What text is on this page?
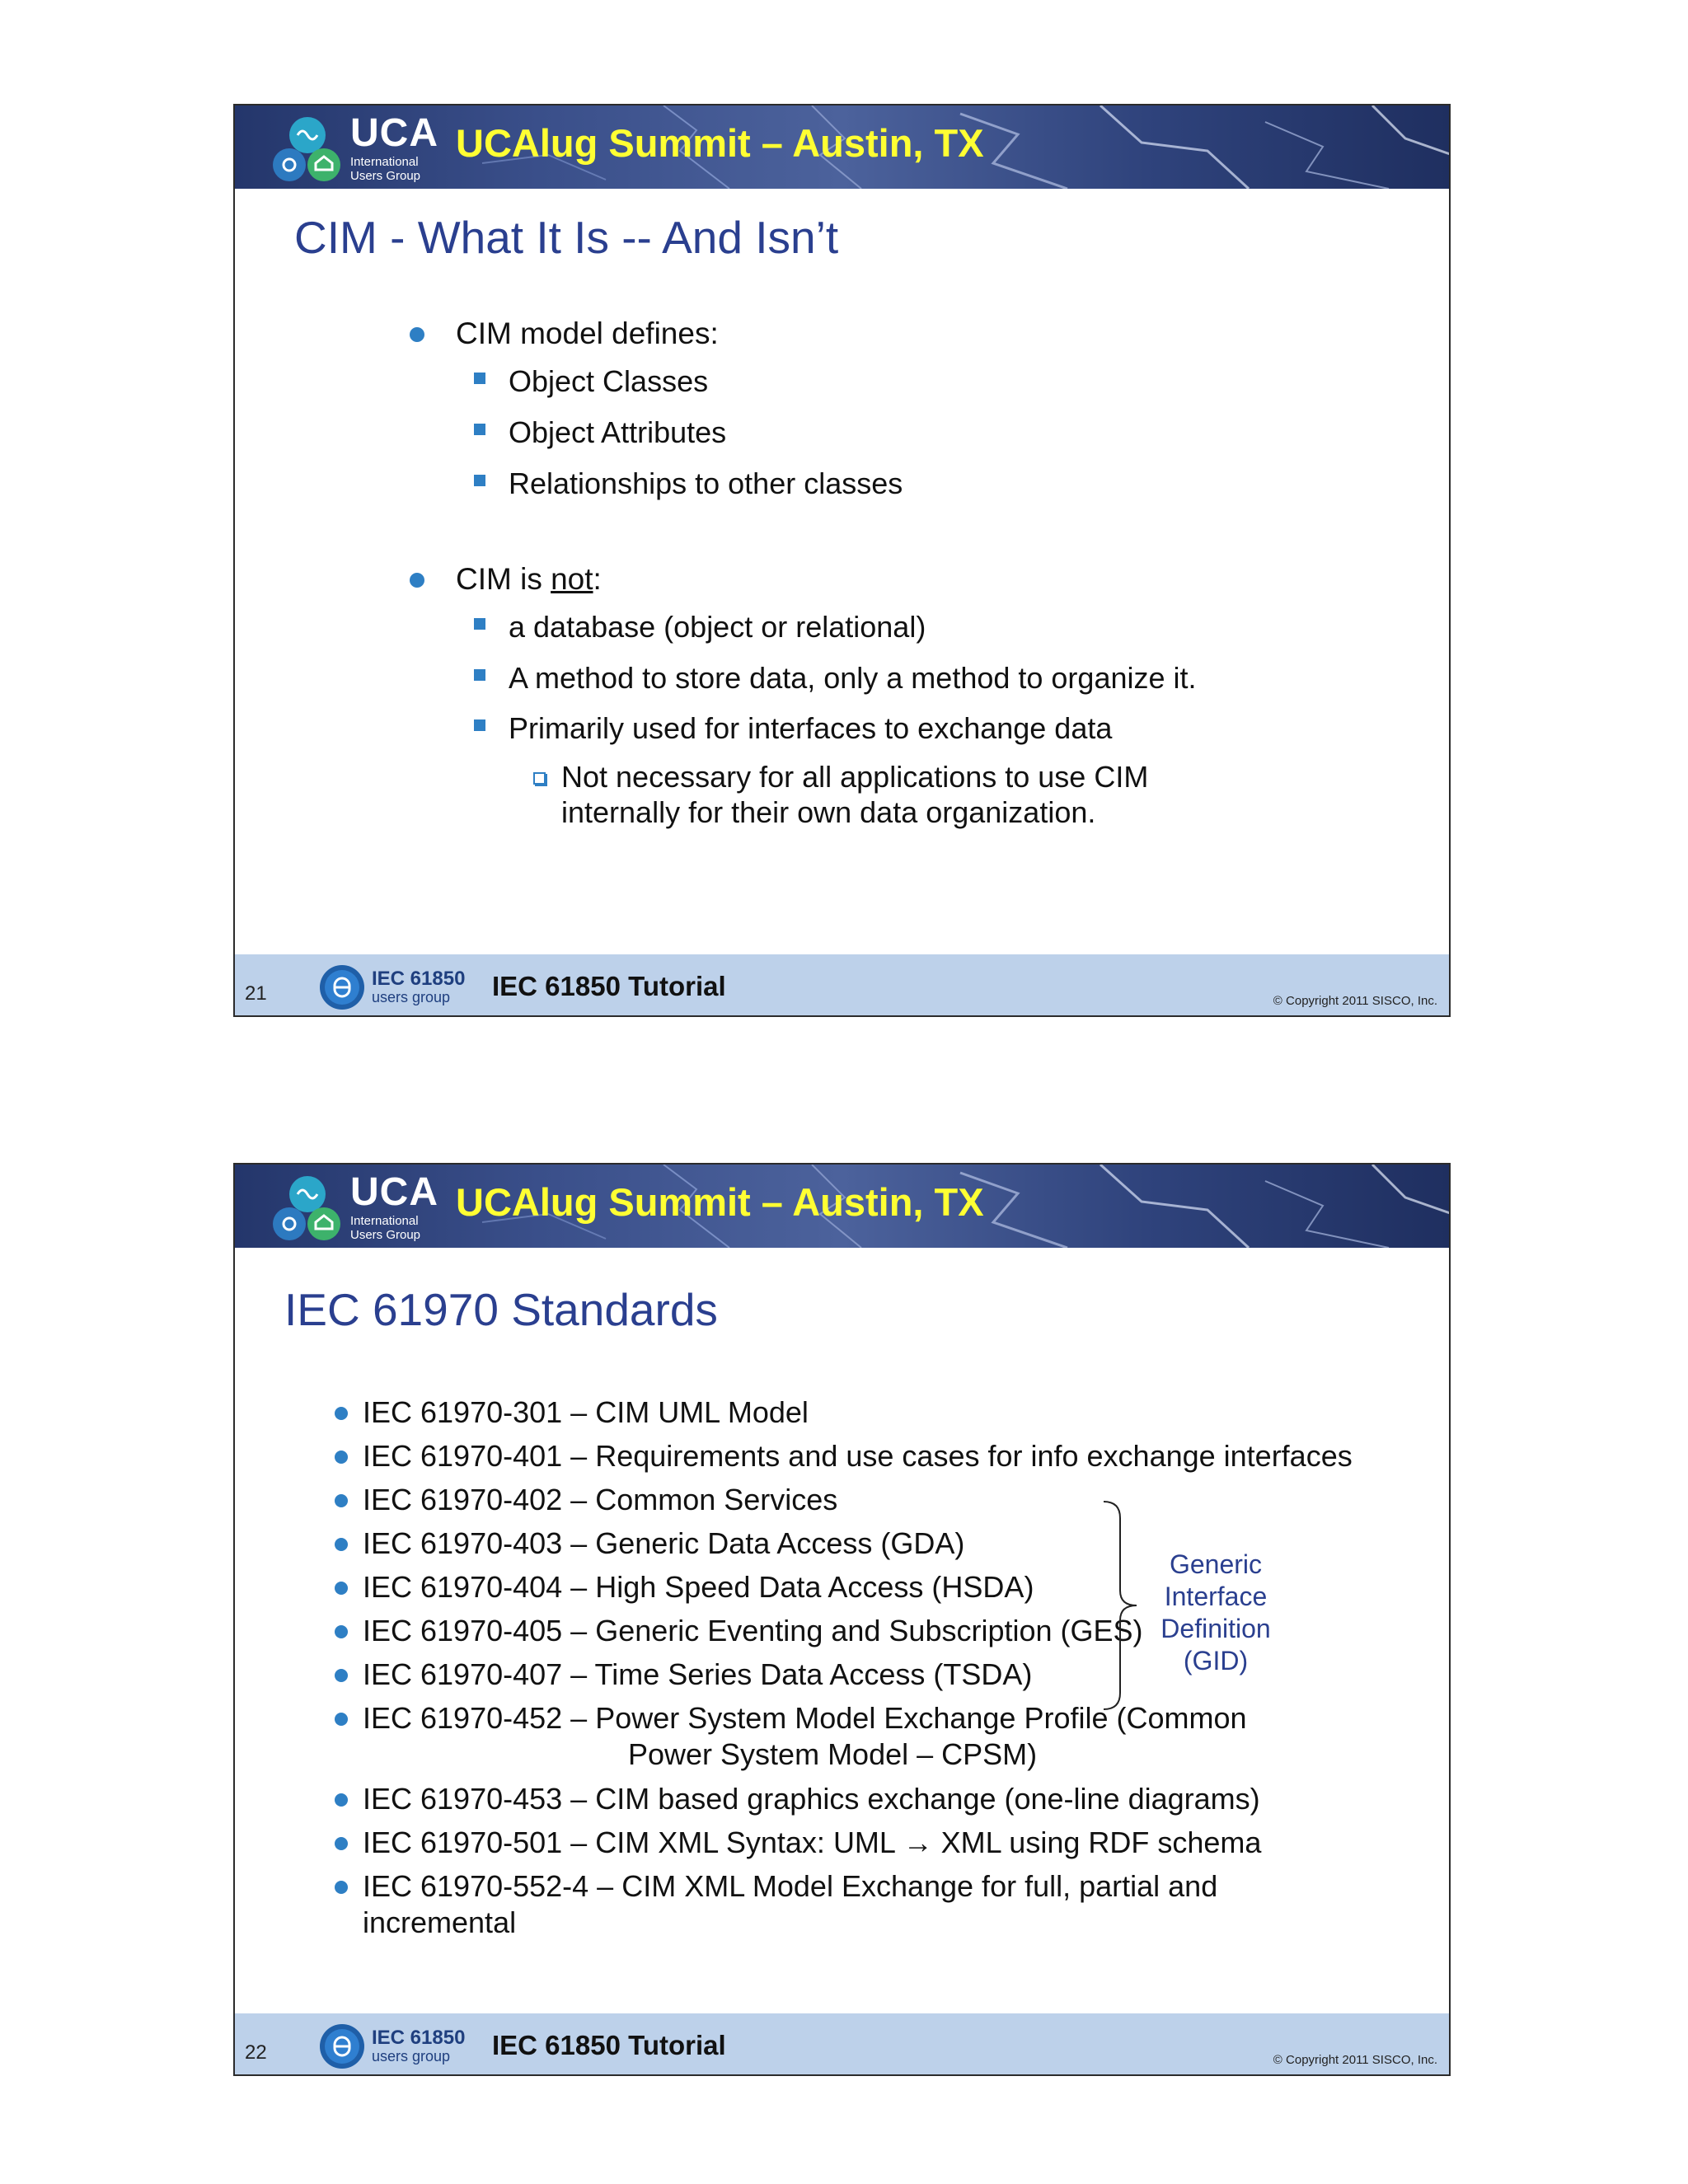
UCA
International
Users Group
UCAlug Summit – Austin, TX
CIM - What It Is -- And Isn’t
CIM model defines:
Object Classes
Object Attributes
Relationships to other classes
CIM is not:
a database (object or relational)
A method to store data, only a method to organize it.
Primarily used for interfaces to exchange data
Not necessary for all applications to use CIM internally for their own data organization.
21
IEC 61850
users group IEC 61850 Tutorial	© Copyright 2011 SISCO, Inc.
UCA
International
Users Group
UCAlug Summit – Austin, TX
IEC 61970 Standards
IEC 61970-301 – CIM UML Model
IEC 61970-401 – Requirements and use cases for info exchange interfaces
IEC 61970-402 – Common Services
IEC 61970-403 – Generic Data Access (GDA)
IEC 61970-404 – High Speed Data Access (HSDA)
IEC 61970-405 – Generic Eventing and Subscription (GES)
IEC 61970-407 – Time Series Data Access (TSDA)
IEC 61970-452 – Power System Model Exchange Profile (Common
Power System Model – CPSM)
IEC 61970-453 – CIM based graphics exchange (one-line diagrams)
IEC 61970-501 – CIM XML Syntax: UML → XML using RDF schema
IEC 61970-552-4 – CIM XML Model Exchange for full, partial and
incremental
Generic
Interface
Definition
(GID)
22
IEC 61850
users group IEC 61850 Tutorial	© Copyright 2011 SISCO, Inc.
